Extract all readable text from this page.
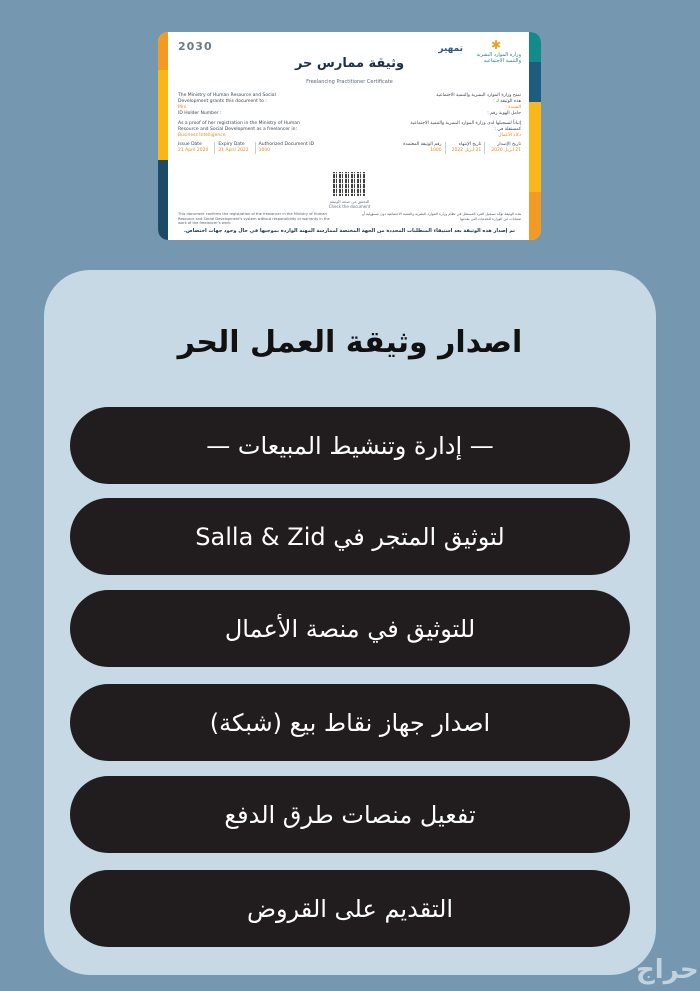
2030	تمهير	✱
وزارة الموارد البشرية والتنمية الاجتماعية
وثيقة ممارس حر
Freelancing Practitioner Certificate
The Ministry of Human Resource and Social
Development grants this document to :
Mrs.
ID Holder Number :
As a proof of her registration in the Ministry of Human
Resource and Social Development as a freelancer in:
Business Intelligence
Issue Date
21 April 2020
Expiry Date
21 April 2022
Authorized Document ID
1000
تمنح وزارة الموارد البشرية والتنمية الاجتماعية
هذه الوثيقة لـ :
السيدة :
حامل الهوية رقم :
إثباتاً لتسجيلها لدى وزارة الموارد البشرية والتنمية الاجتماعية
كمستقلة في :
ذكاء الأعمال
تاريخ الإصدار
21 أبريل 2020
تاريخ الإنتهاء
21 أبريل 2022
رقم الوثيقة المعتمدة
1000
التحقق من صحة الوثيقة
Check the document
This document confirms the registration of the freelancer in the Ministry of Human Resource and Social Development's system without responsibility or warranty in the work of the freelancer's work.
هذه الوثيقة تؤكد تسجيل الفرد المستقل في نظام وزارة الموارد البشرية والتنمية الاجتماعية دون مسؤولية أو ضمانات من الوزارة للخدمات التي يقدمها
تم إصدار هذه الوثيقة بعد استيفاء المتطلبات المحددة من الجهة المختصة لممارسة المهنة الواردة بموجبها في حال وجود جهات اختصاص.
اصدار وثيقة العمل الحر
— إدارة وتنشيط المبيعات —
لتوثيق المتجر في Salla & Zid
للتوثيق في منصة الأعمال
اصدار جهاز نقاط بيع (شبكة)
تفعيل منصات طرق الدفع
التقديم على القروض
حراج
